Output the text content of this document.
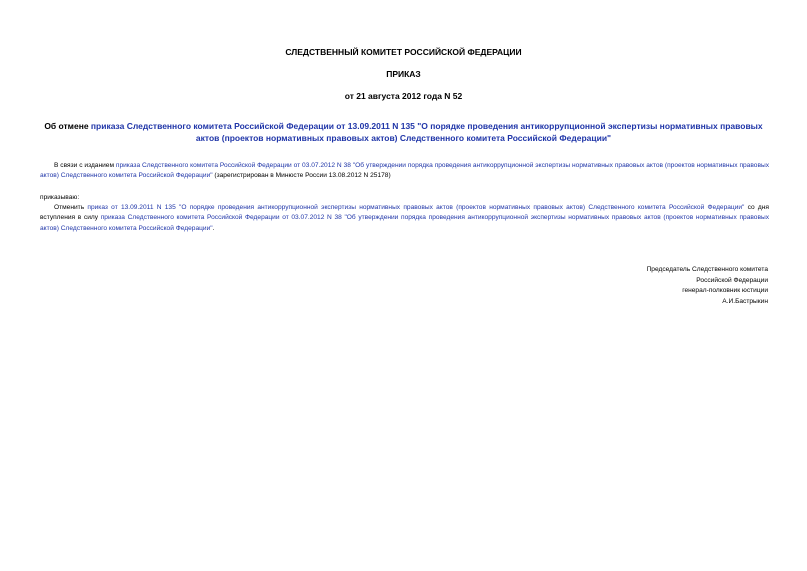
СЛЕДСТВЕННЫЙ КОМИТЕТ РОССИЙСКОЙ ФЕДЕРАЦИИ
ПРИКАЗ
от 21 августа 2012 года N 52
Об отмене приказа Следственного комитета Российской Федерации от 13.09.2011 N 135 "О порядке проведения антикоррупционной экспертизы нормативных правовых актов (проектов нормативных правовых актов) Следственного комитета Российской Федерации"
В связи с изданием приказа Следственного комитета Российской Федерации от 03.07.2012 N 38 "Об утверждении порядка проведения антикоррупционной экспертизы нормативных правовых актов (проектов нормативных правовых актов) Следственного комитета Российской Федерации" (зарегистрирован в Минюсте России 13.08.2012 N 25178)
приказываю:
Отменить приказ от 13.09.2011 N 135 "О порядке проведения антикоррупционной экспертизы нормативных правовых актов (проектов нормативных правовых актов) Следственного комитета Российской Федерации" со дня вступления в силу приказа Следственного комитета Российской Федерации от 03.07.2012 N 38 "Об утверждении порядка проведения антикоррупционной экспертизы нормативных правовых актов (проектов нормативных правовых актов) Следственного комитета Российской Федерации".
Председатель Следственного комитета
Российской Федерации
генерал-полковник юстиции
А.И.Бастрыкин
